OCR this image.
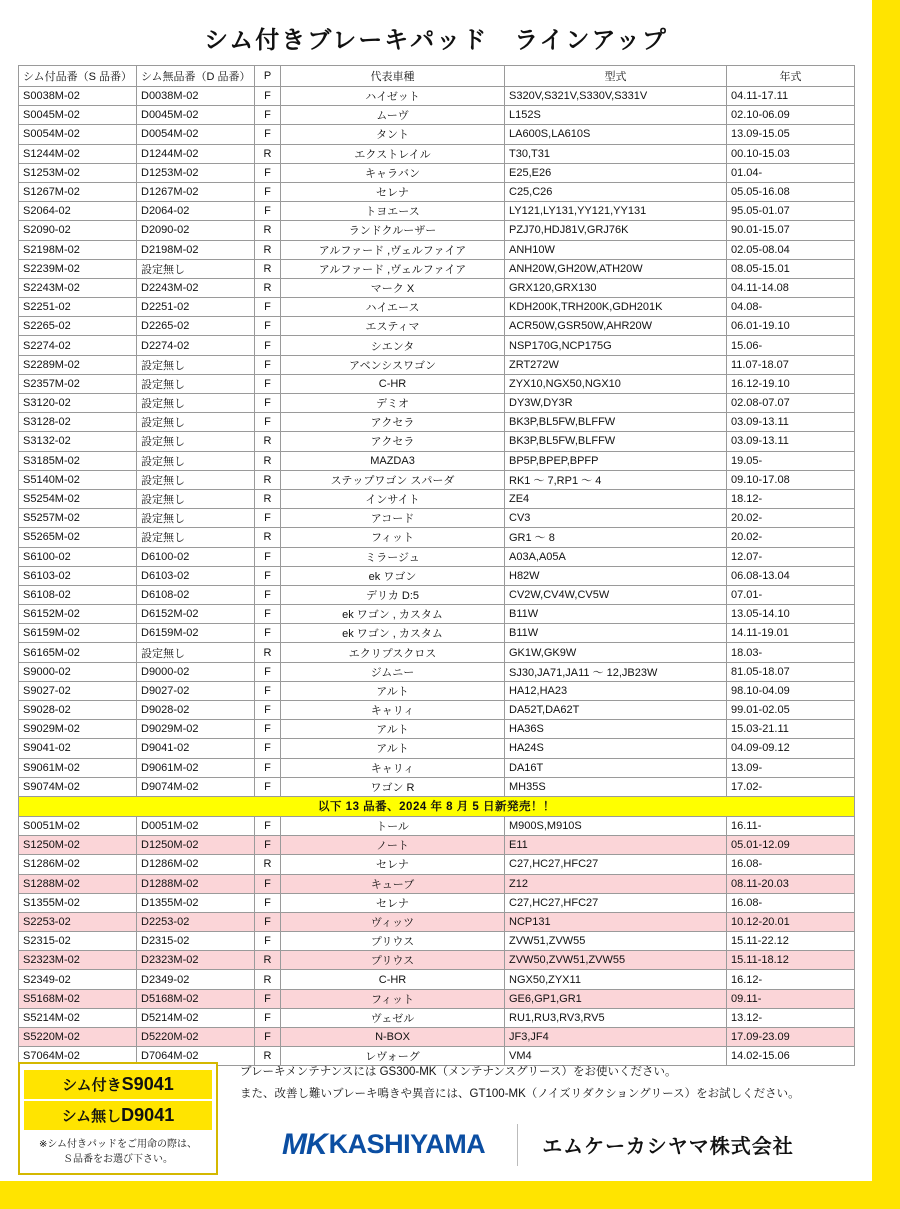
シム付きブレーキパッド　ラインアップ
シム付品番（S 品番）	シム無品番（D 品番）	P	代表車種	型式	年式
S0038M-02	D0038M-02	F	ハイゼット	S320V,S321V,S330V,S331V	04.11-17.11
S0045M-02	D0045M-02	F	ムーヴ	L152S	02.10-06.09
S0054M-02	D0054M-02	F	タント	LA600S,LA610S	13.09-15.05
S1244M-02	D1244M-02	R	エクストレイル	T30,T31	00.10-15.03
S1253M-02	D1253M-02	F	キャラバン	E25,E26	01.04-
S1267M-02	D1267M-02	F	セレナ	C25,C26	05.05-16.08
S2064-02	D2064-02	F	トヨエース	LY121,LY131,YY121,YY131	95.05-01.07
S2090-02	D2090-02	R	ランドクルーザー	PZJ70,HDJ81V,GRJ76K	90.01-15.07
S2198M-02	D2198M-02	R	アルファード ,ヴェルファイア	ANH10W	02.05-08.04
S2239M-02	設定無し	R	アルファード ,ヴェルファイア	ANH20W,GH20W,ATH20W	08.05-15.01
S2243M-02	D2243M-02	R	マーク X	GRX120,GRX130	04.11-14.08
S2251-02	D2251-02	F	ハイエース	KDH200K,TRH200K,GDH201K	04.08-
S2265-02	D2265-02	F	エスティマ	ACR50W,GSR50W,AHR20W	06.01-19.10
S2274-02	D2274-02	F	シエンタ	NSP170G,NCP175G	15.06-
S2289M-02	設定無し	F	アベンシスワゴン	ZRT272W	11.07-18.07
S2357M-02	設定無し	F	C-HR	ZYX10,NGX50,NGX10	16.12-19.10
S3120-02	設定無し	F	デミオ	DY3W,DY3R	02.08-07.07
S3128-02	設定無し	F	アクセラ	BK3P,BL5FW,BLFFW	03.09-13.11
S3132-02	設定無し	R	アクセラ	BK3P,BL5FW,BLFFW	03.09-13.11
S3185M-02	設定無し	R	MAZDA3	BP5P,BPEP,BPFP	19.05-
S5140M-02	設定無し	R	ステップワゴン スパーダ	RK1 ～ 7,RP1 ～ 4	09.10-17.08
S5254M-02	設定無し	R	インサイト	ZE4	18.12-
S5257M-02	設定無し	F	アコード	CV3	20.02-
S5265M-02	設定無し	R	フィット	GR1 ～ 8	20.02-
S6100-02	D6100-02	F	ミラージュ	A03A,A05A	12.07-
S6103-02	D6103-02	F	ek ワゴン	H82W	06.08-13.04
S6108-02	D6108-02	F	デリカ D:5	CV2W,CV4W,CV5W	07.01-
S6152M-02	D6152M-02	F	ek ワゴン , カスタム	B11W	13.05-14.10
S6159M-02	D6159M-02	F	ek ワゴン , カスタム	B11W	14.11-19.01
S6165M-02	設定無し	R	エクリプスクロス	GK1W,GK9W	18.03-
S9000-02	D9000-02	F	ジムニー	SJ30,JA71,JA11 ～ 12,JB23W	81.05-18.07
S9027-02	D9027-02	F	アルト	HA12,HA23	98.10-04.09
S9028-02	D9028-02	F	キャリィ	DA52T,DA62T	99.01-02.05
S9029M-02	D9029M-02	F	アルト	HA36S	15.03-21.11
S9041-02	D9041-02	F	アルト	HA24S	04.09-09.12
S9061M-02	D9061M-02	F	キャリィ	DA16T	13.09-
S9074M-02	D9074M-02	F	ワゴン R	MH35S	17.02-
以下 13 品番、2024 年 8 月 5 日新発売！！					
S0051M-02	D0051M-02	F	トール	M900S,M910S	16.11-
S1250M-02	D1250M-02	F	ノート	E11	05.01-12.09
S1286M-02	D1286M-02	R	セレナ	C27,HC27,HFC27	16.08-
S1288M-02	D1288M-02	F	キューブ	Z12	08.11-20.03
S1355M-02	D1355M-02	F	セレナ	C27,HC27,HFC27	16.08-
S2253-02	D2253-02	F	ヴィッツ	NCP131	10.12-20.01
S2315-02	D2315-02	F	プリウス	ZVW51,ZVW55	15.11-22.12
S2323M-02	D2323M-02	R	プリウス	ZVW50,ZVW51,ZVW55	15.11-18.12
S2349-02	D2349-02	R	C-HR	NGX50,ZYX11	16.12-
S5168M-02	D5168M-02	F	フィット	GE6,GP1,GR1	09.11-
S5214M-02	D5214M-02	F	ヴェゼル	RU1,RU3,RV3,RV5	13.12-
S5220M-02	D5220M-02	F	N-BOX	JF3,JF4	17.09-23.09
S7064M-02	D7064M-02	R	レヴォーグ	VM4	14.02-15.06
シム付きS9041
シム無しD9041
※シム付きパッドをご用命の際は、
Ｓ品番をお選び下さい。
ブレーキメンテナンスには GS300-MK（メンテナンスグリース）をお使いください。
また、改善し難いブレーキ鳴きや異音には、GT100-MK（ノイズリダクショングリース）をお試しください。
MK KASHIYAMA	エムケーカシヤマ株式会社
